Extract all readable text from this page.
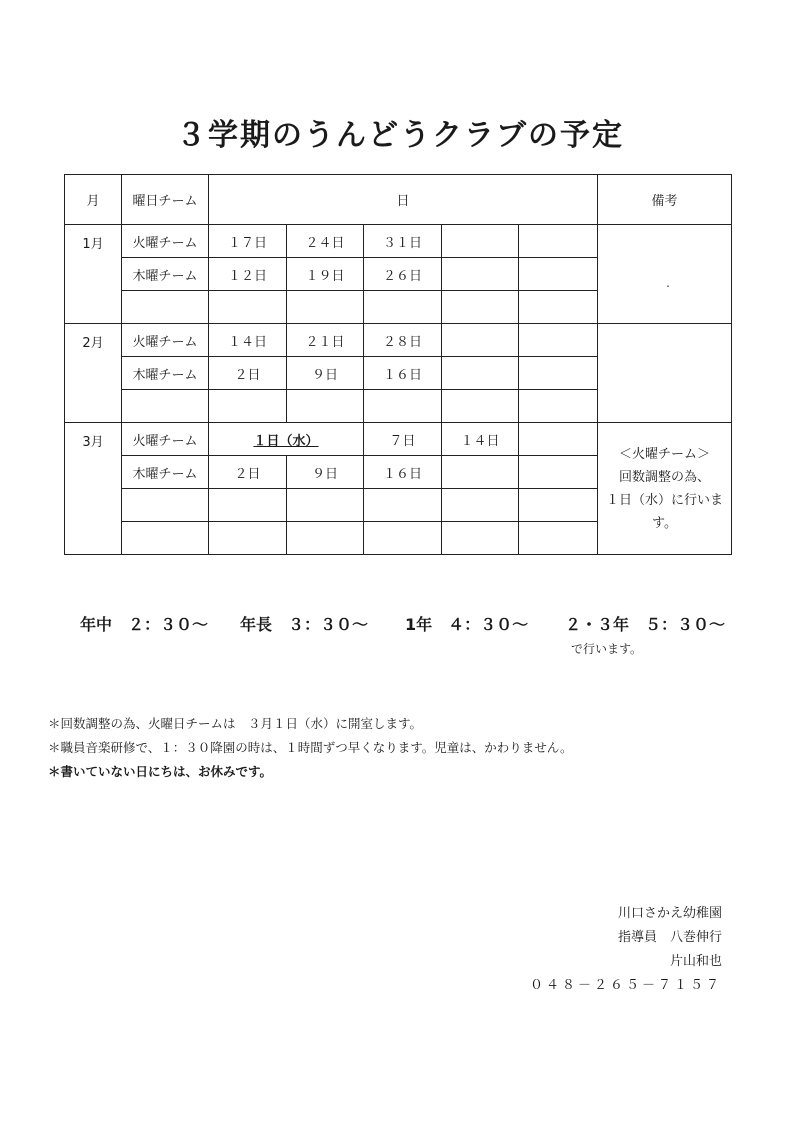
３学期のうんどうクラブの予定
月	曜日チーム	日					備考
1月	火曜チーム	１７日	２４日	３１日			・

	木曜チーム	１２日	１９日	２６日			

2月	火曜チーム	１４日	２１日	２８日			
	木曜チーム	２日	９日	１６日			

3月	火曜チーム	１日（水）		７日	１４日		＜火曜チーム＞
回数調整の為、
１日（水）に行いま
す。

	木曜チーム	２日	９日	１６日			

年中　２：３０～ 年長　３：３０～ 1年　４：３０～ ２・３年　５：３０～
で行います。
＊回数調整の為、火曜日チームは　３月１日（水）に開室します。
＊職員音楽研修で、１：３０降園の時は、１時間ずつ早くなります。児童は、かわりません。
＊書いていない日にちは、お休みです。
川口さかえ幼稚園
指導員　八巻伸行
片山和也
０４８－２６５－７１５７
